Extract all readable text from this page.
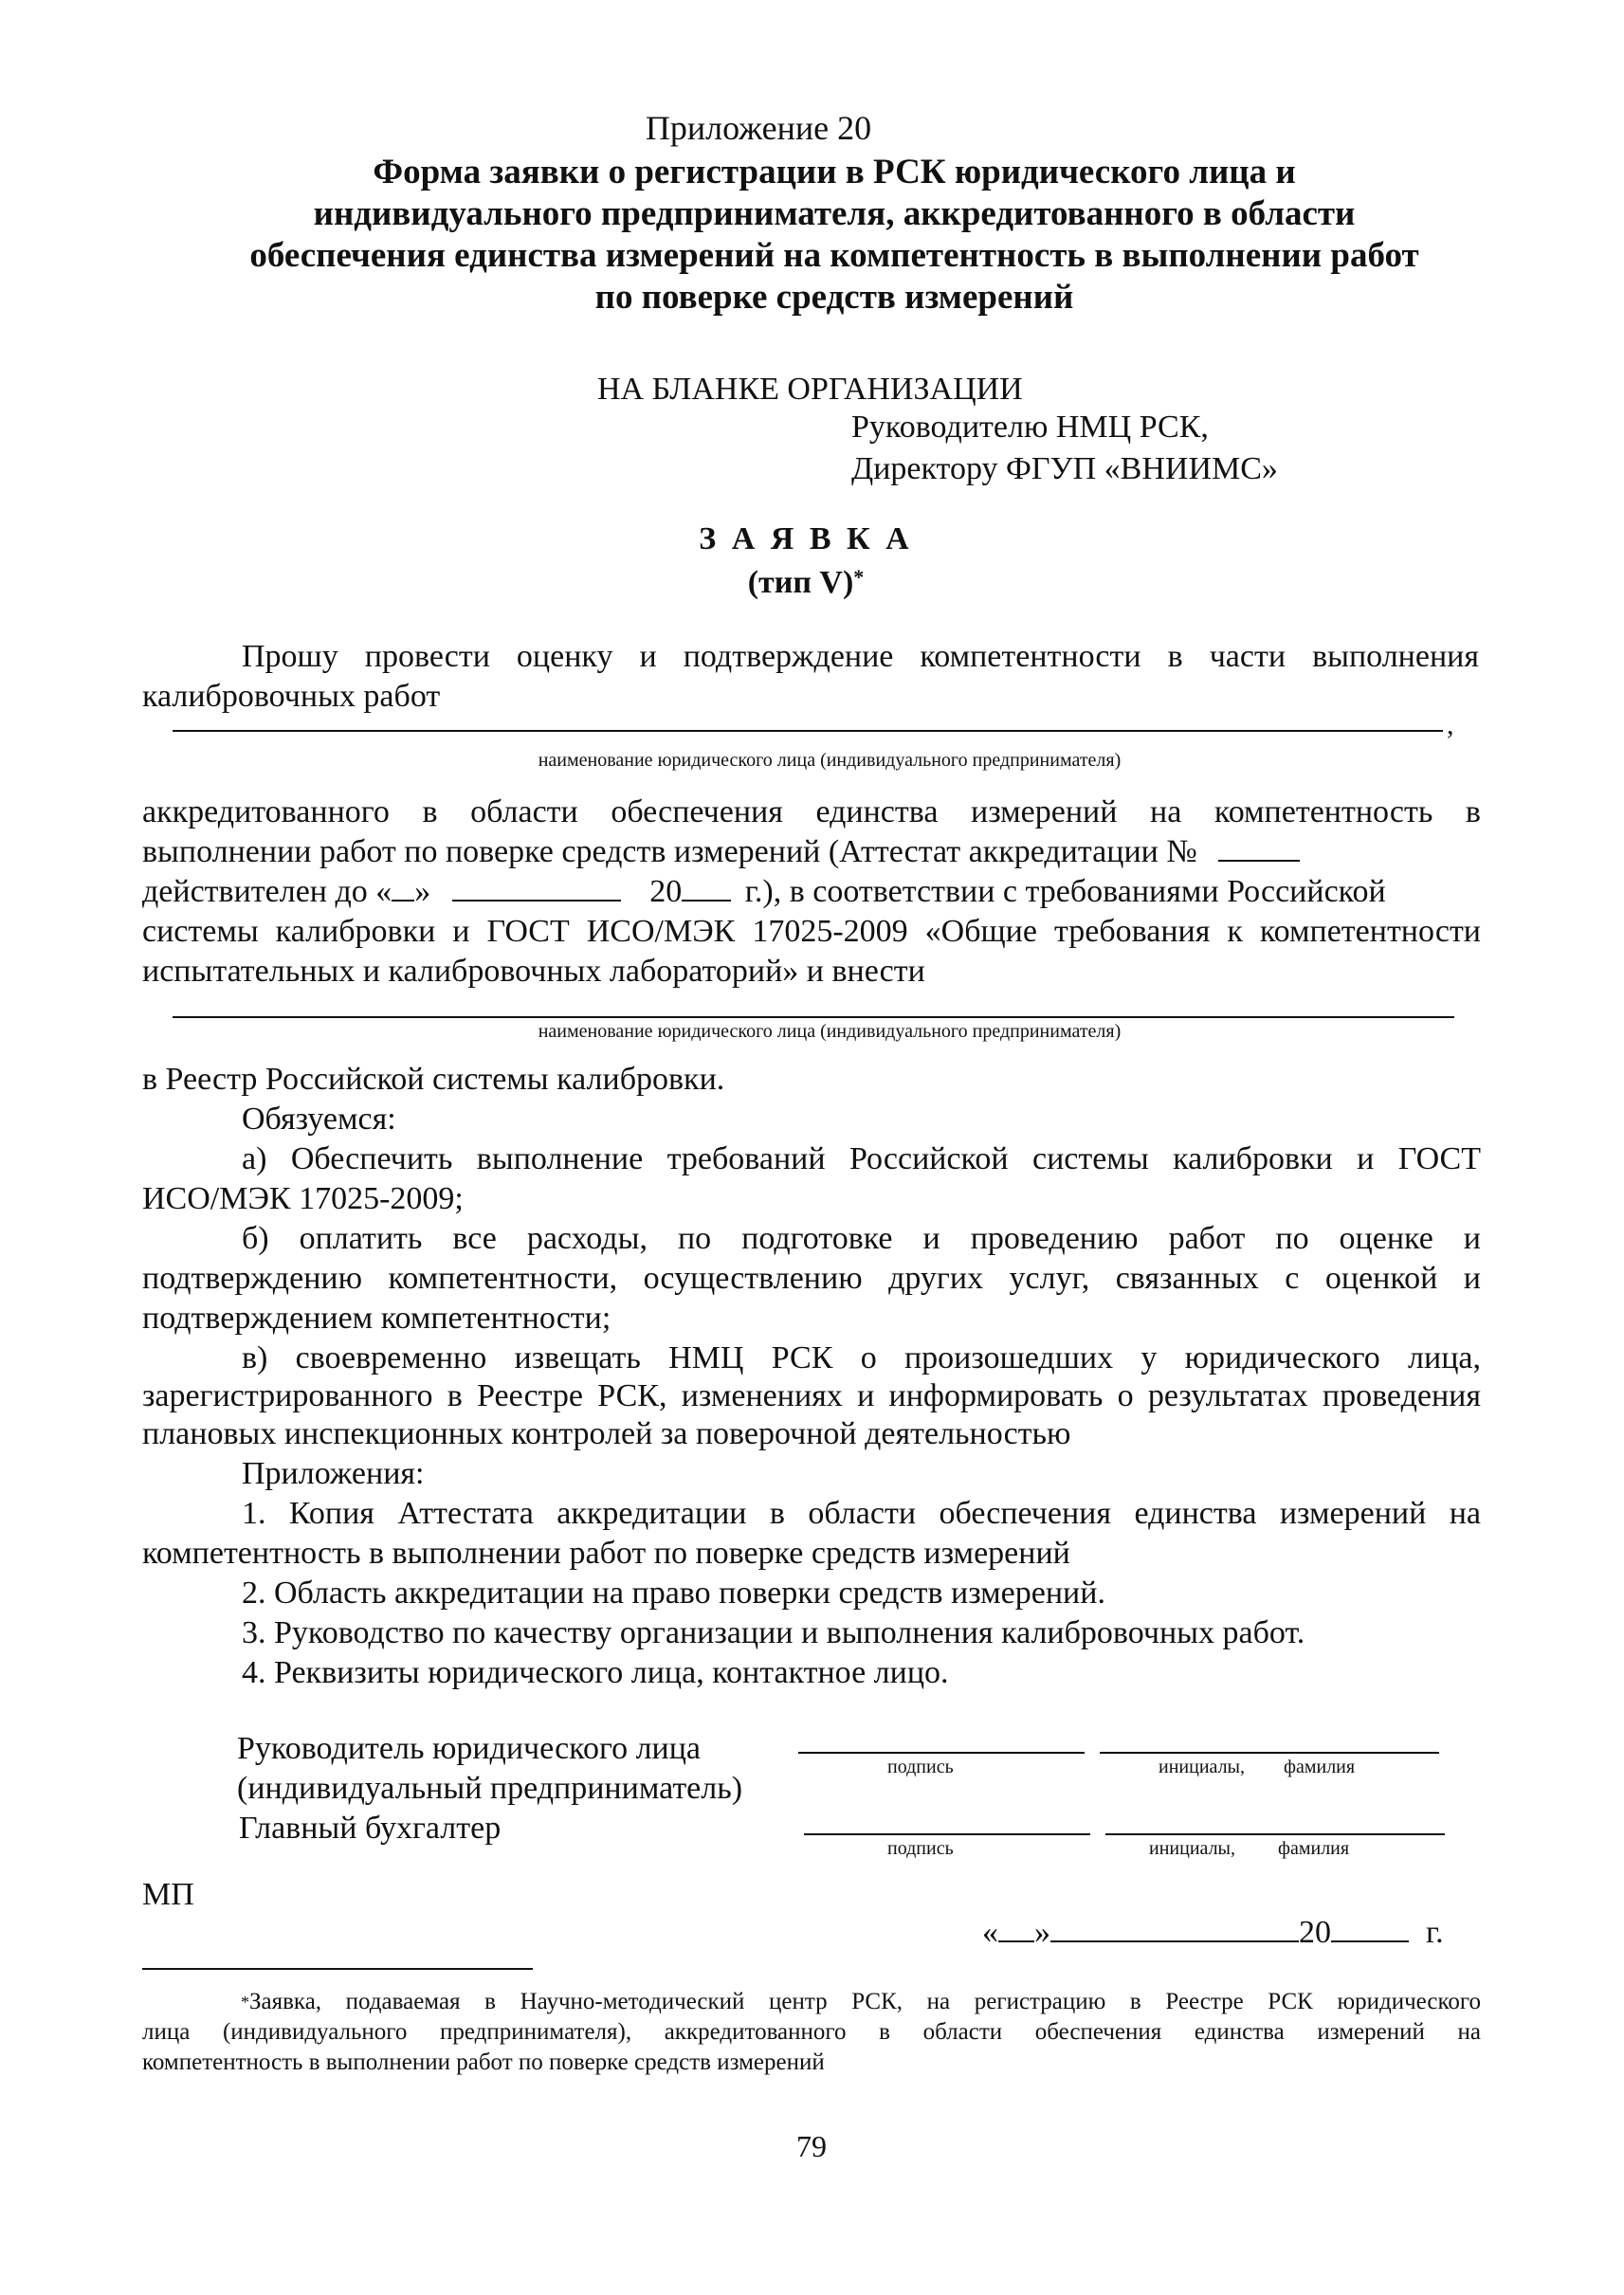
Приложение 20
Форма заявки о регистрации в РСК юридического лица и
индивидуального предпринимателя, аккредитованного в области
обеспечения единства измерений на компетентность в выполнении работ
по поверке средств измерений
НА БЛАНКЕ ОРГАНИЗАЦИИ
Руководителю НМЦ РСК,
Директору ФГУП «ВНИИМС»
З А Я В К А
(тип V)*
Прошу провести оценку и подтверждение компетентности в части выполнения
калибровочных работ
,
наименование юридического лица (индивидуального предпринимателя)
аккредитованного в области обеспечения единства измерений на компетентность в
выполнении работ по поверке средств измерений (Аттестат аккредитации №
действителен до « »	20 г.), в соответствии с требованиями Российской
системы калибровки и ГОСТ ИСО/МЭК 17025-2009 «Общие требования к компетентности
испытательных и калибровочных лабораторий» и внести
наименование юридического лица (индивидуального предпринимателя)
в Реестр Российской системы калибровки.
Обязуемся:
а) Обеспечить выполнение требований Российской системы калибровки и ГОСТ
ИСО/МЭК 17025-2009;
б) оплатить все расходы, по подготовке и проведению работ по оценке и
подтверждению компетентности, осуществлению других услуг, связанных с оценкой и
подтверждением компетентности;
в) своевременно извещать НМЦ РСК о произошедших у юридического лица,
зарегистрированного в Реестре РСК, изменениях и информировать о результатах проведения
плановых инспекционных контролей за поверочной деятельностью
Приложения:
1. Копия Аттестата аккредитации в области обеспечения единства измерений на
компетентность в выполнении работ по поверке средств измерений
2. Область аккредитации на право поверки средств измерений.
3. Руководство по качеству организации и выполнения калибровочных работ.
4. Реквизиты юридического лица, контактное лицо.
Руководитель юридического лица
(индивидуальный предприниматель)
подпись	инициалы, фамилия
Главный бухгалтер
подпись	инициалы, фамилия
МП
« »	20	г.
*Заявка, подаваемая в Научно-методический центр РСК, на регистрацию в Реестре РСК юридического
лица (индивидуального предпринимателя), аккредитованного в области обеспечения единства измерений на
компетентность в выполнении работ по поверке средств измерений
79
